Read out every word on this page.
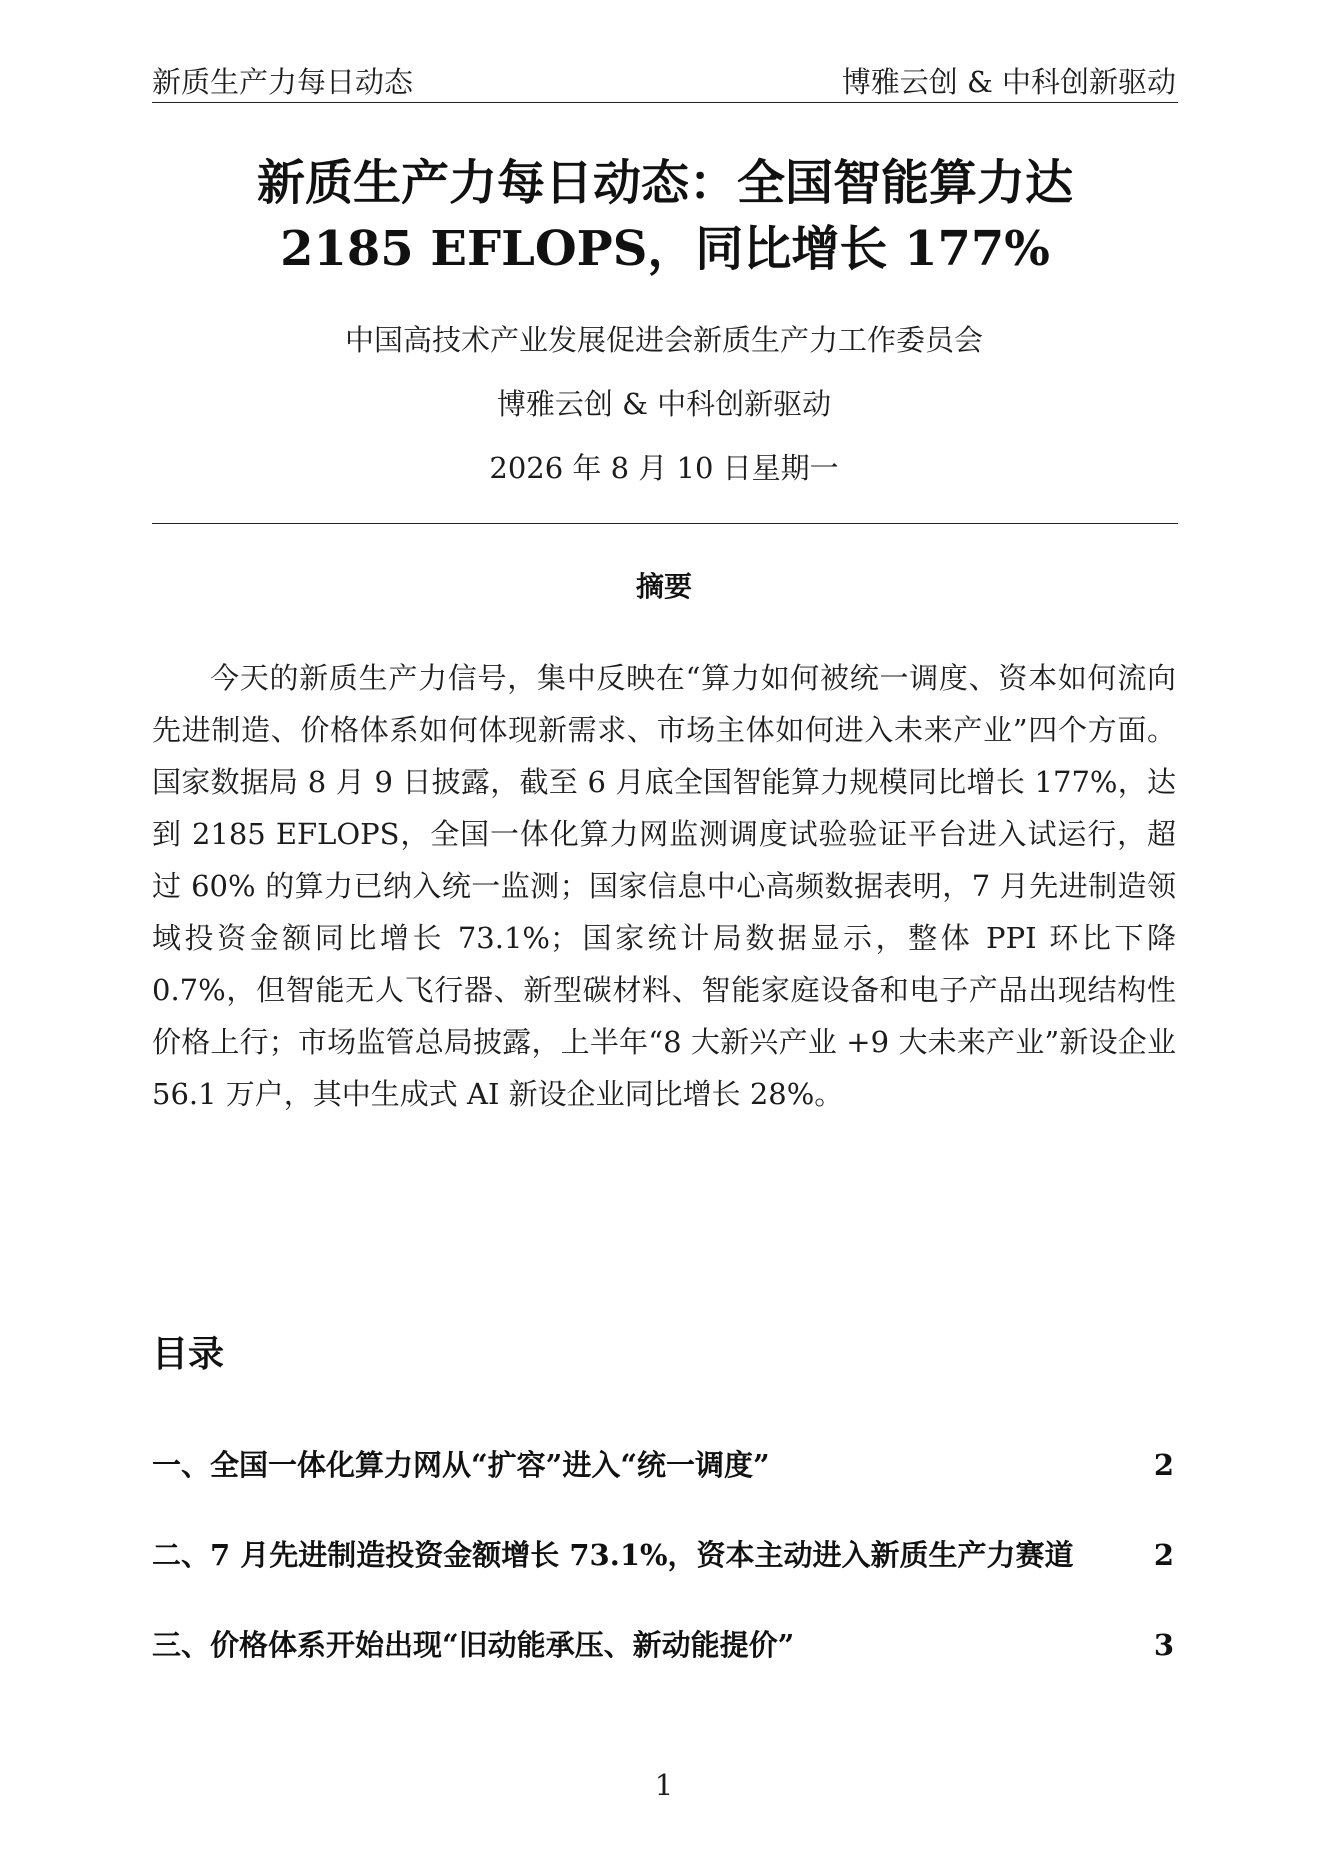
新质生产力每日动态	博雅云创 & 中科创新驱动
新质生产力每日动态：全国智能算力达
2185 EFLOPS，同比增长 177%
中国高技术产业发展促进会新质生产力工作委员会
博雅云创 & 中科创新驱动
2026 年 8 月 10 日星期一
摘要

今天的新质生产力信号，集中反映在“算力如何被统一调度、资本如何流向先进制造、价格体系如何体现新需求、市场主体如何进入未来产业”四个方面。国家数据局 8 月 9 日披露，截至 6 月底全国智能算力规模同比增长 177%，达到 2185 EFLOPS，全国一体化算力网监测调度试验验证平台进入试运行，超过 60% 的算力已纳入统一监测；国家信息中心高频数据表明，7 月先进制造领域投资金额同比增长 73.1%；国家统计局数据显示，整体 PPI 环比下降 0.7%，但智能无人飞行器、新型碳材料、智能家庭设备和电子产品出现结构性价格上行；市场监管总局披露，上半年“8 大新兴产业 +9 大未来产业”新设企业 56.1 万户，其中生成式 AI 新设企业同比增长 28%。

目录
一、全国一体化算力网从“扩容”进入“统一调度”	2
二、7 月先进制造投资金额增长 73.1%，资本主动进入新质生产力赛道	2
三、价格体系开始出现“旧动能承压、新动能提价”	3
1
